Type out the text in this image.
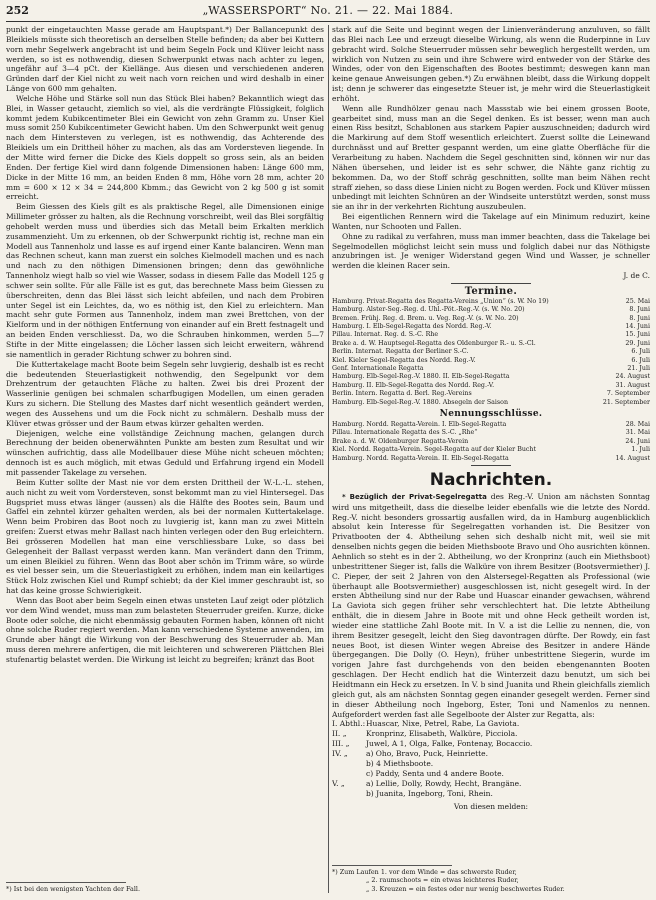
252	„WASSERSPORT“ No. 21. — 22. Mai 1884.

punkt der eingetauchten Masse gerade am Hauptspant.*) Der Ballancepunkt des Bleikiels müsste sich theoretisch an derselben Stelle befinden; da aber bei Kuttern vorn mehr Segelwerk angebracht ist und beim Segeln Fock und Klüver leicht nass werden, so ist es nothwendig, diesen Schwerpunkt etwas nach achter zu legen, ungefähr auf 3—4 pCt. der Kiellänge. Aus diesen und verschiedenen anderen Gründen darf der Kiel nicht zu weit nach vorn reichen und wird deshalb in einer Länge von 600 mm gehalten.

Welche Höhe und Stärke soll nun das Stück Blei haben? Bekanntlich wiegt das Blei, in Wasser getaucht, ziemlich so viel, als die verdrängte Flüssigkeit, folglich kommt jedem Kubikcentimeter Blei ein Gewicht von zehn Gramm zu. Unser Kiel muss somit 250 Kubikcentimeter Gewicht haben. Um den Schwerpunkt weit genug nach dem Hintersteven zu verlegen, ist es nothwendig, das Achterende des Bleikiels um ein Drittheil höher zu machen, als das am Vordersteven liegende. In der Mitte wird ferner die Dicke des Kiels doppelt so gross sein, als an beiden Enden. Der fertige Kiel wird dann folgende Dimensionen haben: Länge 600 mm, Dicke in der Mitte 16 mm, an beiden Enden 8 mm, Höhe vorn 28 mm, achter 20 mm = 600 × 12 × 34 = 244,800 Kbmm.; das Gewicht von 2 kg 500 g ist somit erreicht.

Beim Giessen des Kiels gilt es als praktische Regel, alle Dimensionen einige Millimeter grösser zu halten, als die Rechnung vorschreibt, weil das Blei sorgfältig gehobelt werden muss und überdies sich das Metall beim Erkalten merklich zusammenzieht. Um zu erkennen, ob der Schwerpunkt richtig ist, rechne man ein Modell aus Tannenholz und lasse es auf irgend einer Kante balanciren. Wenn man das Rechnen scheut, kann man zuerst ein solches Kielmodell machen und es nach und nach zu den nöthigen Dimensionen bringen; denn das gewöhnliche Tannenholz wiegt halb so viel wie Wasser, sodass in diesem Falle das Modell 125 g schwer sein sollte. Für alle Fälle ist es gut, das berechnete Mass beim Giessen zu überschreiten, denn das Blei lässt sich leicht abfeilen, und nach dem Probiren unter Segel ist ein Leichtes, da, wo es nöthig ist, den Kiel zu erleichtern. Man macht sehr gute Formen aus Tannenholz, indem man zwei Brettchen, von der Kielform und in der nöthigen Entfernung von einander auf ein Brett festnagelt und an beiden Enden verschliesst. Da, wo die Schrauben hinkommen, werden 5—7 Stifte in der Mitte eingelassen; die Löcher lassen sich leicht erweitern, während sie namentlich in gerader Richtung schwer zu bohren sind.

Die Kuttertakelage macht Boote beim Segeln sehr luvgierig, deshalb ist es recht die bedeutenden Steuerlastigkeit nothwendig, den Segelpunkt vor dem Drehzentrum der getauchten Fläche zu halten. Zwei bis drei Prozent der Wasserlinie genügen bei schmalen scharfbugigen Modellen, um einen geraden Kurs zu sichern. Die Stellung des Mastes darf nicht wesentlich geändert werden, wegen des Aussehens und um die Fock nicht zu schmälern. Deshalb muss der Klüver etwas grösser und der Baum etwas kürzer gehalten werden.

Diejenigen, welche eine vollständige Zeichnung machen, gelangen durch Berechnung der beiden obenerwähnten Punkte am besten zum Resultat und wir wünschen aufrichtig, dass alle Modellbauer diese Mühe nicht scheuen möchten; dennoch ist es auch möglich, mit etwas Geduld und Erfahrung irgend ein Modell mit passender Takelage zu versehen.

Beim Kutter sollte der Mast nie vor dem ersten Drittheil der W.-L.-L. stehen, auch nicht zu weit vom Vordersteven, sonst bekommt man zu viel Hintersegel. Das Bugspriet muss etwas länger (aussen) als die Hälfte des Bootes sein, Baum und Gaffel ein zehntel kürzer gehalten werden, als bei der normalen Kuttertakelage. Wenn beim Probiren das Boot noch zu luvgierig ist, kann man zu zwei Mitteln greifen: Zuerst etwas mehr Ballast nach hinten verlegen oder den Bug erleichtern. Bei grösseren Modellen hat man eine verschliessbare Luke, so dass bei Gelegenheit der Ballast verpasst werden kann. Man verändert dann den Trimm, um einen Bleikiel zu führen. Wenn das Boot aber schön im Trimm wäre, so würde es viel besser sein, um die Steuerlastigkeit zu erhöhen, indem man ein keilartiges Stück Holz zwischen Kiel und Rumpf schiebt; da der Kiel immer geschraubt ist, so hat das keine grosse Schwierigkeit.

Wenn das Boot aber beim Segeln einen etwas unsteten Lauf zeigt oder plötzlich vor dem Wind wendet, muss man zum belasteten Steuerruder greifen. Kurze, dicke Boote oder solche, die nicht ebenmässig gebauten Formen haben, können oft nicht ohne solche Ruder regiert werden. Man kann verschiedene Systeme anwenden, im Grunde aber hängt die Wirkung von der Beschwerung des Steuerruder ab. Man muss deren mehrere anfertigen, die mit leichteren und schwereren Plättchen Blei stufenartig belastet werden. Die Wirkung ist leicht zu begreifen; kränzt das Boot

*) Ist bei den wenigsten Yachten der Fall.

stark auf die Seite und beginnt wegen der Linienveränderung anzuluven, so fällt das Blei nach Lee und erzeugt dieselbe Wirkung, als wenn die Ruderpinne in Luv gebracht wird. Solche Steuerruder müssen sehr beweglich hergestellt werden, um wirklich von Nutzen zu sein und ihre Schwere wird entweder von der Stärke des Windes, oder von den Eigenschaften des Bootes bestimmt; deswegen kann man keine genaue Anweisungen geben.*) Zu erwähnen bleibt, dass die Wirkung doppelt ist; denn je schwerer das eingesetzte Steuer ist, je mehr wird die Steuerlastigkeit erhöht.

Wenn alle Rundhölzer genau nach Massstab wie bei einem grossen Boote, gearbeitet sind, muss man an die Segel denken. Es ist besser, wenn man auch einen Riss besitzt, Schablonen aus starkem Papier auszuschneiden; dadurch wird die Markirung auf dem Stoff wesentlich erleichtert. Zuerst sollte die Leinewand durchnässt und auf Bretter gespannt werden, um eine glatte Oberfläche für die Verarbeitung zu haben. Nachdem die Segel geschnitten sind, können wir nur das Nähen übersehen, und leider ist es sehr schwer, die Nähte ganz richtig zu bekommen. Da, wo der Stoff schräg geschnitten, sollte man beim Nähen recht straff ziehen, so dass diese Linien nicht zu Bogen werden. Fock und Klüver müssen unbedingt mit leichten Schnüren an der Windseite unterstützt werden, sonst muss sie an ihr in der verkehrten Richtung auszubeulen.

Bei eigentlichen Rennern wird die Takelage auf ein Minimum reduzirt, keine Wanten, nur Schooten und Fallen.

Ohne zu radikal zu verfahren, muss man immer beachten, dass die Takelage bei Segelmodellen möglichst leicht sein muss und folglich dabei nur das Nöthigste anzubringen ist. Je weniger Widerstand gegen Wind und Wasser, je schneller werden die kleinen Racer sein.

J. de C.
Termine.
Hamburg. Privat-Regatta des Regatta-Vereins „Union“ (s. W. No 19)	25. Mai
Hamburg. Alster-Seg.-Reg. d. Uhl.-Pöt.-Reg.-V. (s. W. No. 20)	8. Juni
Bremen. Frühj. Reg. d. Brem. u. Veg. Reg.-V. (s. W. No. 20)	8. Juni
Hamburg. I. Elb-Segel-Regatta des Nordd. Reg.-V.	14. Juni
Pillau. Internat. Reg. d. S.-C. Rhe	15. Juni
Brake a. d. W. Hauptsegel-Regatta des Oldenburger R.- u. S.-Cl.	29. Juni
Berlin. Internat. Regatta der Berliner S.-C.	6. Juli
Kiel. Kieler Segel-Regatta des Nordd. Reg.-V.	6. Juli
Genf. Internationale Regatta	21. Juli
Hamburg. Elb-Segel-Reg.-V. 1880. II. Elb-Segel-Regatta	24. August
Hamburg. II. Elb-Segel-Regatta des Nordd. Reg.-V.	31. August
Berlin. Intern. Regatta d. Berl. Reg.-Vereins	7. September
Hamburg. Elb-Segel-Reg.-V. 1880. Absegeln der Saison	21. September
Nennungsschlüsse.
Hamburg. Nordd. Regatta-Verein. I. Elb-Segel-Regatta	28. Mai
Pillau. Internationale Regatta des S.-C. „Rhe“	31. Mai
Brake a. d. W. Oldenburger Regatta-Verein	24. Juni
Kiel. Nordd. Regatta-Verein. Segel-Regatta auf der Kieler Bucht	1. Juli
Hamburg. Nordd. Regatta-Verein. II. Elb-Segel-Regatta	14. August
Nachrichten.

* Bezüglich der Privat-Segelregatta des Reg.-V. Union am nächsten Sonntag wird uns mitgetheilt, dass die dieselbe leider ebenfalls wie die letzte des Nordd. Reg.-V. nicht besonders grossartig ausfallen wird, da in Hamburg augenblicklich absolut kein Interesse für Segelregatten vorhanden ist. Die Besitzer von Privatbooten der 4. Abtheilung sehen sich deshalb nicht mit, weil sie mit denselben nichts gegen die beiden Miethsboote Bravo und Oho ausrichten können. Aehnlich so steht es in der 2. Abtheilung, wo der Kronprinz (auch ein Miethsboot) unbestrittener Sieger ist, falls die Walküre von ihrem Besitzer (Bootsvermiether) J. C. Pieper, der seit 2 Jahren von den Alstersegel-Regatten als Professional (wie überhaupt alle Bootsvermiether) ausgeschlossen ist, nicht gesegelt wird. In der ersten Abtheilung sind nur der Rabe und Huascar einander gewachsen, während La Gaviota sich gegen früher sehr verschlechtert hat. Die letzte Abtheilung enthält, die in diesem Jahre in Boote mit und ohne Heck getheilt worden ist, wieder eine stattliche Zahl Boote mit. In V. a ist die Lellie zu nennen, die, von ihrem Besitzer gesegelt, leicht den Sieg davontragen dürfte. Der Rowdy, ein fast neues Boot, ist diesen Winter wegen Abreise des Besitzer in andere Hände übergegangen. Die Dolly (O. Heyn), früher unbestrittene Siegerin, wurde im vorigen Jahre fast durchgehends von den beiden ebengenannten Booten geschlagen. Der Hecht endlich hat die Winterzeit dazu benutzt, um sich bei Heidtmann ein Heck zu ersetzen. In V. b sind Juanita und Rhein gleichfalls ziemlich gleich gut, als am nächsten Sonntag gegen einander gesegelt werden. Ferner sind in dieser Abtheilung noch Ingeborg, Ester, Toni und Namenlos zu nennen. Aufgefordert werden fast alle Segelboote der Alster zur Regatta, als:

I. Abthl.: Huascar, Nixe, Petrel, Rabe, La Gaviota.
II. „	Kronprinz, Elisabeth, Walküre, Picciola.
III. „	Juwel, A 1, Olga, Falke, Fontenay, Bocaccio.
IV. „	a) Oho, Bravo, Puck, Heinriette.
b) 4 Miethsboote.
c) Paddy, Senta und 4 andere Boote.
V. „	a) Lellie, Dolly, Rowdy, Hecht, Brangäne.
b) Juanita, Ingeborg, Toni, Rhein.
Von diesen melden:
*) Zum Laufen 1. vor dem Winde = das schwerste Ruder,
„ 2. raumschoots = ein etwas leichteres Ruder,
„ 3. Kreuzen = ein festes oder nur wenig beschwertes Ruder.
